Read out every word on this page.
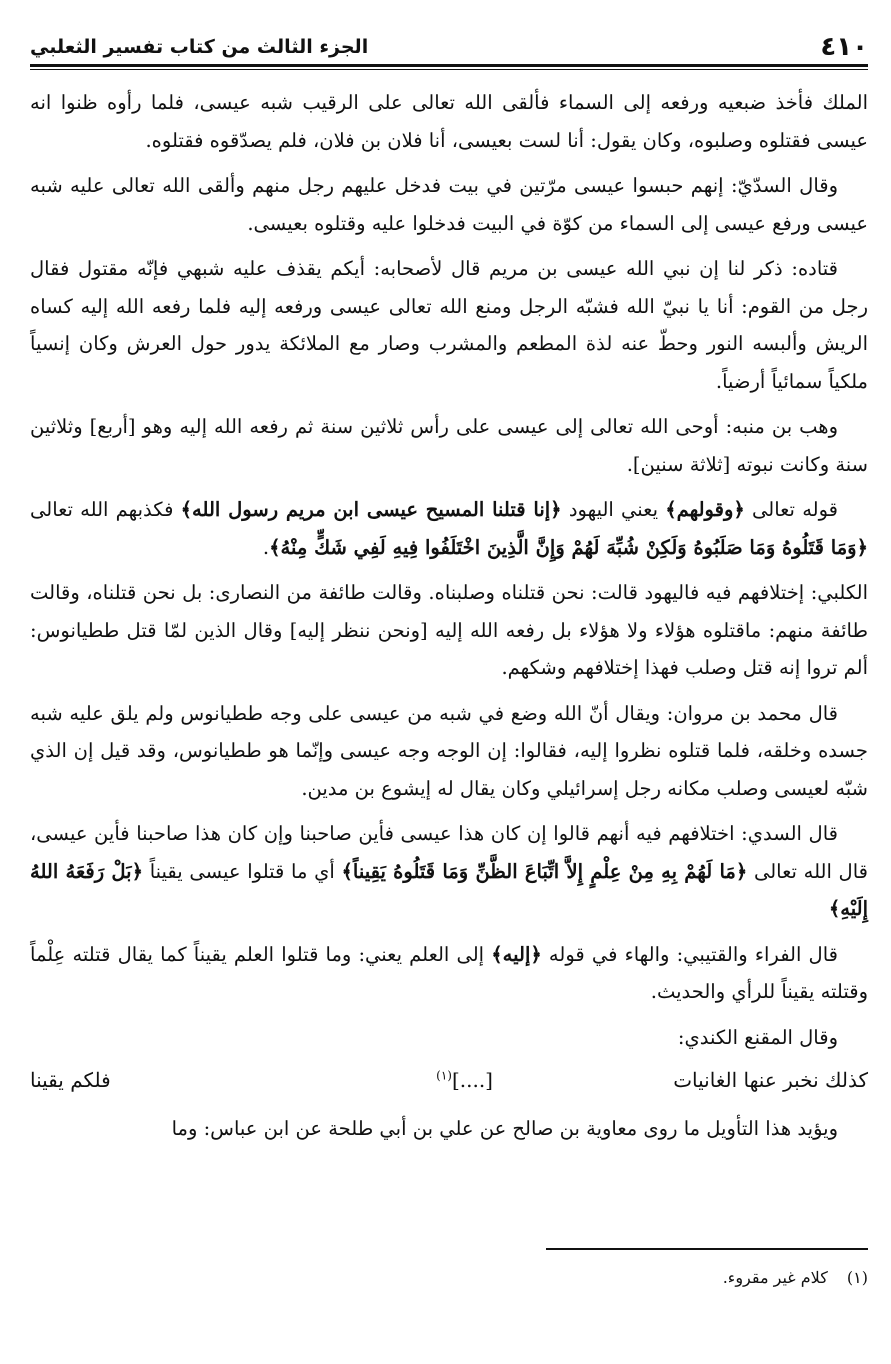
٤١٠
الجزء الثالث من كتاب تفسير الثعلبي

الملك فأخذ ضبعيه ورفعه إلى السماء فألقى الله تعالى على الرقيب شبه عيسى، فلما رأوه ظنوا انه عيسى فقتلوه وصلبوه، وكان يقول: أنا لست بعيسى، أنا فلان بن فلان، فلم يصدّقوه فقتلوه.

وقال السدّيّ: إنهم حبسوا عيسى مرّتين في بيت فدخل عليهم رجل منهم وألقى الله تعالى عليه شبه عيسى ورفع عيسى إلى السماء من كوّة في البيت فدخلوا عليه وقتلوه بعيسى.

قتاده: ذكر لنا إن نبي الله عيسى بن مريم قال لأصحابه: أيكم يقذف عليه شبهي فإنّه مقتول فقال رجل من القوم: أنا يا نبيّ الله فشبّه الرجل ومنع الله تعالى عيسى ورفعه إليه فلما رفعه الله إليه كساه الريش وألبسه النور وحطّ عنه لذة المطعم والمشرب وصار مع الملائكة يدور حول العرش وكان إنسياً ملكياً سمائياً أرضياً.

وهب بن منبه: أوحى الله تعالى إلى عيسى على رأس ثلاثين سنة ثم رفعه الله إليه وهو [أربع] وثلاثين سنة وكانت نبوته [ثلاثة سنين].

قوله تعالى ﴿وقولهم﴾ يعني اليهود ﴿إنا قتلنا المسيح عيسى ابن مريم رسول الله﴾ فكذبهم الله تعالى ﴿وَمَا قَتَلُوهُ وَمَا صَلَبُوهُ وَلَكِنْ شُبِّهَ لَهُمْ وَإِنَّ الَّذِينَ اخْتَلَفُوا فِيهِ لَفِي شَكٍّ مِنْهُ﴾.

الكلبي: إختلافهم فيه فاليهود قالت: نحن قتلناه وصلبناه. وقالت طائفة من النصارى: بل نحن قتلناه، وقالت طائفة منهم: ماقتلوه هؤلاء ولا هؤلاء بل رفعه الله إليه [ونحن ننظر إليه] وقال الذين لمّا قتل ططيانوس: ألم تروا إنه قتل وصلب فهذا إختلافهم وشكهم.

قال محمد بن مروان: ويقال أنّ الله وضع في شبه من عيسى على وجه ططيانوس ولم يلق عليه شبه جسده وخلقه، فلما قتلوه نظروا إليه، فقالوا: إن الوجه وجه عيسى وإنّما هو ططيانوس، وقد قيل إن الذي شبّه لعيسى وصلب مكانه رجل إسرائيلي وكان يقال له إيشوع بن مدين.

قال السدي: اختلافهم فيه أنهم قالوا إن كان هذا عيسى فأين صاحبنا وإن كان هذا صاحبنا فأين عيسى، قال الله تعالى ﴿مَا لَهُمْ بِهِ مِنْ عِلْمٍ إِلاَّ اتِّبَاعَ الظَّنِّ وَمَا قَتَلُوهُ يَقِيناً﴾ أي ما قتلوا عيسى يقيناً ﴿بَلْ رَفَعَهُ اللهُ إِلَيْهِ﴾

قال الفراء والقتيبي: والهاء في قوله ﴿إليه﴾ إلى العلم يعني: وما قتلوا العلم يقيناً كما يقال قتلته عِلْماً وقتلته يقيناً للرأي والحديث.

وقال المقنع الكندي:

كذلك نخبر عنها الغانيات
[....]$^{(١)}$
فلكم يقينا

ويؤيد هذا التأويل ما روى معاوية بن صالح عن علي بن أبي طلحة عن ابن عباس: وما

(١) كلام غير مقروء.
